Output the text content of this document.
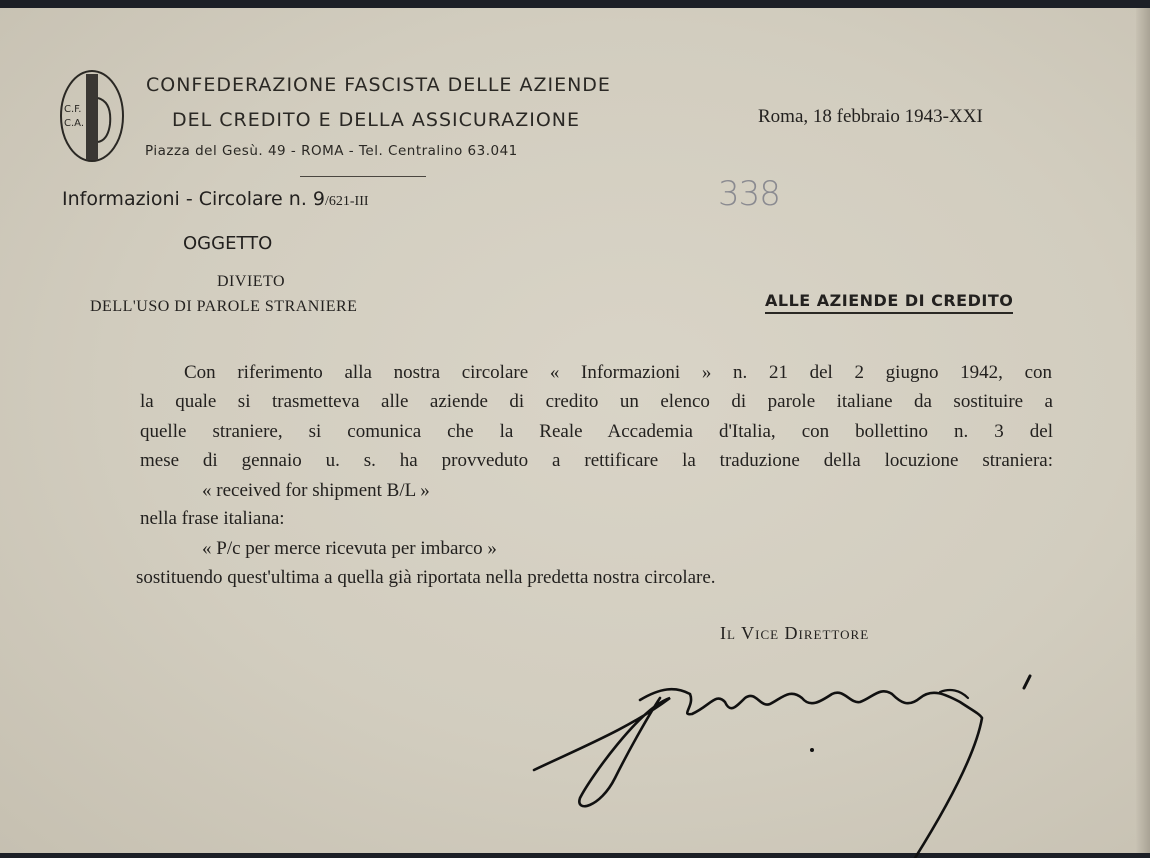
C.F.
C.A.
CONFEDERAZIONE FASCISTA DELLE AZIENDE
DEL CREDITO E DELLA ASSICURAZIONE
Piazza del Gesù. 49 - ROMA - Tel. Centralino 63.041
Roma, 18 febbraio 1943-XXI
Informazioni - Circolare n. 9/621-III	338
OGGETTO
DIVIETO
DELL'USO DI PAROLE STRANIERE	ALLE AZIENDE DI CREDITO
Con riferimento alla nostra circolare « Informazioni » n. 21 del 2 giugno 1942, con
la quale si trasmetteva alle aziende di credito un elenco di parole italiane da sostituire a
quelle straniere, si comunica che la Reale Accademia d'Italia, con bollettino n. 3 del
mese di gennaio u. s. ha provveduto a rettificare la traduzione della locuzione straniera:
« received for shipment B/L »
nella frase italiana:
« P/c per merce ricevuta per imbarco »
sostituendo quest'ultima a quella già riportata nella predetta nostra circolare.
Il Vice Direttore
